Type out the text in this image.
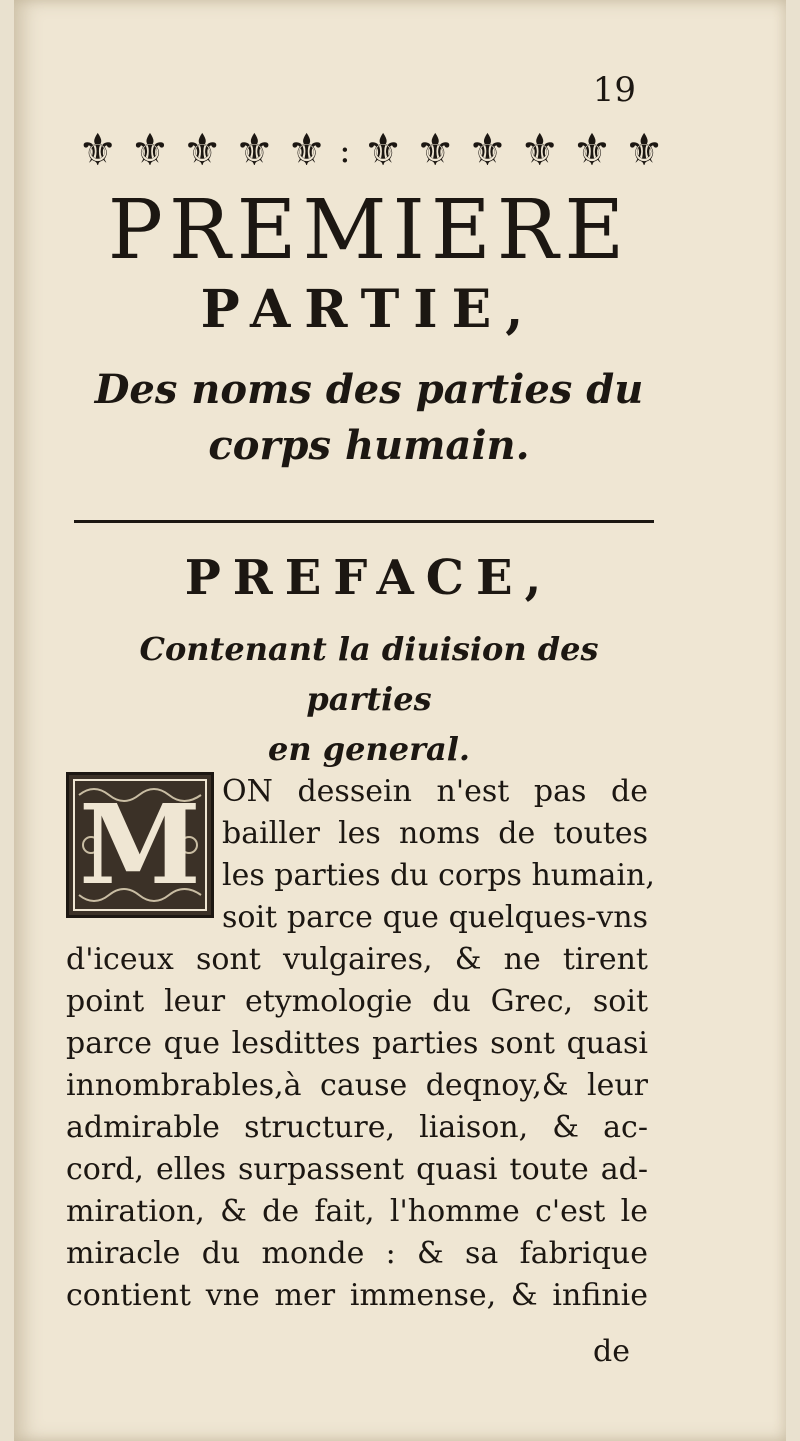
19
⚜ ⚜ ⚜ ⚜ ⚜ : ⚜ ⚜ ⚜ ⚜ ⚜ ⚜
PREMIERE
PARTIE,
Des noms des parties du
corps humain.
PREFACE,
Contenant la diuision des parties
en general.
M ON dessein n'est pas de
bailler les noms de toutes
les parties du corps humain,
soit parce que quelques-vns
d'iceux sont vulgaires, & ne tirent
point leur etymologie du Grec, soit
parce que lesdittes parties sont quasi
innombrables,à cause deqnoy,& leur
admirable structure, liaison, & ac-
cord, elles surpassent quasi toute ad-
miration, & de fait, l'homme c'est le
miracle du monde : & sa fabrique
contient vne mer immense, & infinie
de
